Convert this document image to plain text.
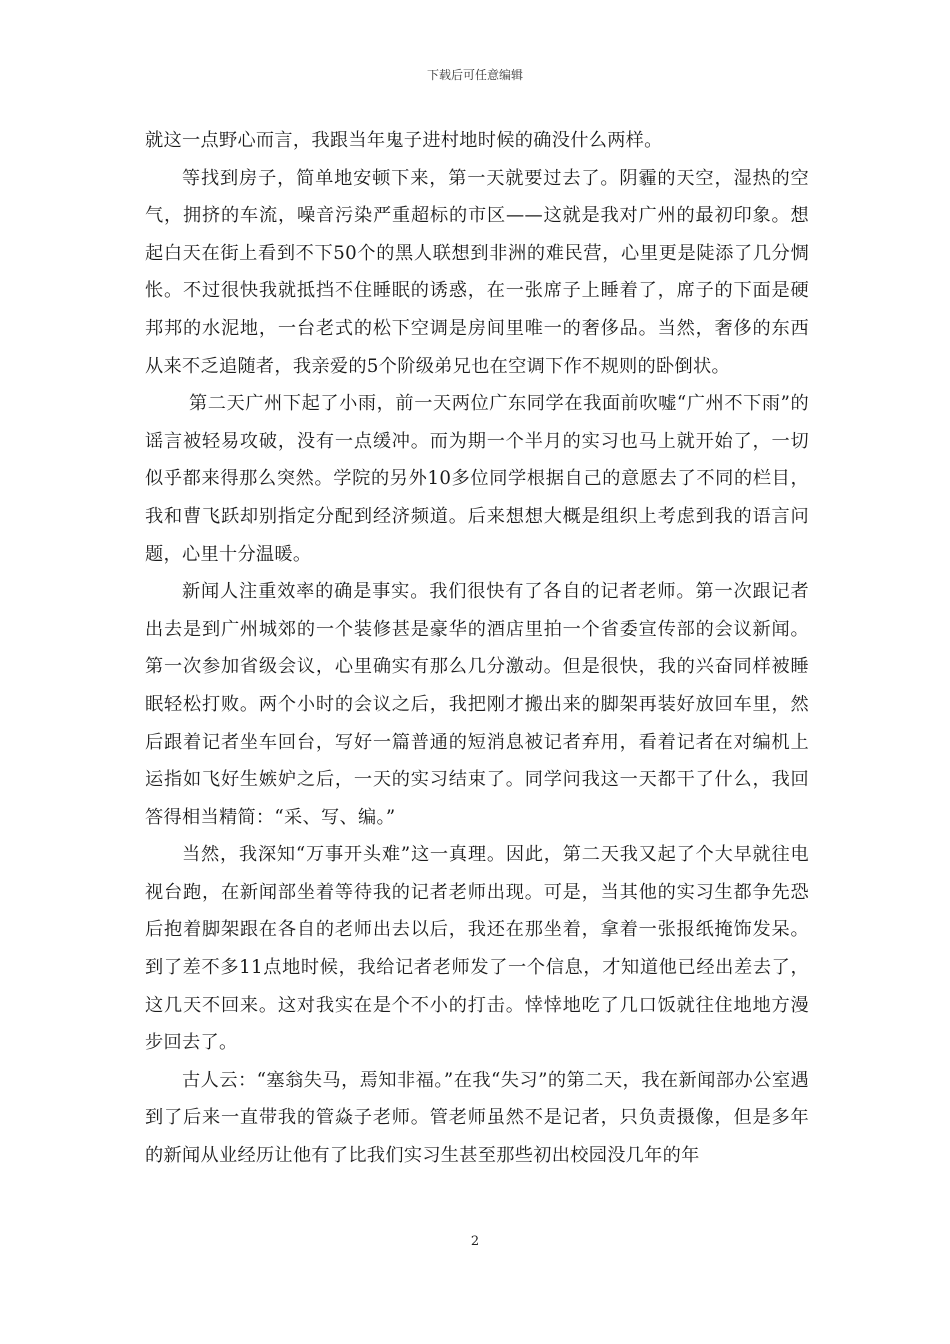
下载后可任意编辑

就这一点野心而言，我跟当年鬼子进村地时候的确没什么两样。

等找到房子，简单地安顿下来，第一天就要过去了。阴霾的天空，湿热的空气，拥挤的车流，噪音污染严重超标的市区——这就是我对广州的最初印象。想起白天在街上看到不下50个的黑人联想到非洲的难民营，心里更是陡添了几分惆怅。不过很快我就抵挡不住睡眠的诱惑，在一张席子上睡着了，席子的下面是硬邦邦的水泥地，一台老式的松下空调是房间里唯一的奢侈品。当然，奢侈的东西从来不乏追随者，我亲爱的5个阶级弟兄也在空调下作不规则的卧倒状。

第二天广州下起了小雨，前一天两位广东同学在我面前吹嘘“广州不下雨”的谣言被轻易攻破，没有一点缓冲。而为期一个半月的实习也马上就开始了，一切似乎都来得那么突然。学院的另外10多位同学根据自己的意愿去了不同的栏目，我和曹飞跃却别指定分配到经济频道。后来想想大概是组织上考虑到我的语言问题，心里十分温暖。

新闻人注重效率的确是事实。我们很快有了各自的记者老师。第一次跟记者出去是到广州城郊的一个装修甚是豪华的酒店里拍一个省委宣传部的会议新闻。第一次参加省级会议，心里确实有那么几分激动。但是很快，我的兴奋同样被睡眠轻松打败。两个小时的会议之后，我把刚才搬出来的脚架再装好放回车里，然后跟着记者坐车回台，写好一篇普通的短消息被记者弃用，看着记者在对编机上运指如飞好生嫉妒之后，一天的实习结束了。同学问我这一天都干了什么，我回答得相当精简：“采、写、编。”

当然，我深知“万事开头难”这一真理。因此，第二天我又起了个大早就往电视台跑，在新闻部坐着等待我的记者老师出现。可是，当其他的实习生都争先恐后抱着脚架跟在各自的老师出去以后，我还在那坐着，拿着一张报纸掩饰发呆。到了差不多11点地时候，我给记者老师发了一个信息，才知道他已经出差去了，这几天不回来。这对我实在是个不小的打击。悻悻地吃了几口饭就往住地地方漫步回去了。

古人云：“塞翁失马，焉知非福。”在我“失习”的第二天，我在新闻部办公室遇到了后来一直带我的管焱子老师。管老师虽然不是记者，只负责摄像，但是多年的新闻从业经历让他有了比我们实习生甚至那些初出校园没几年的年

2
